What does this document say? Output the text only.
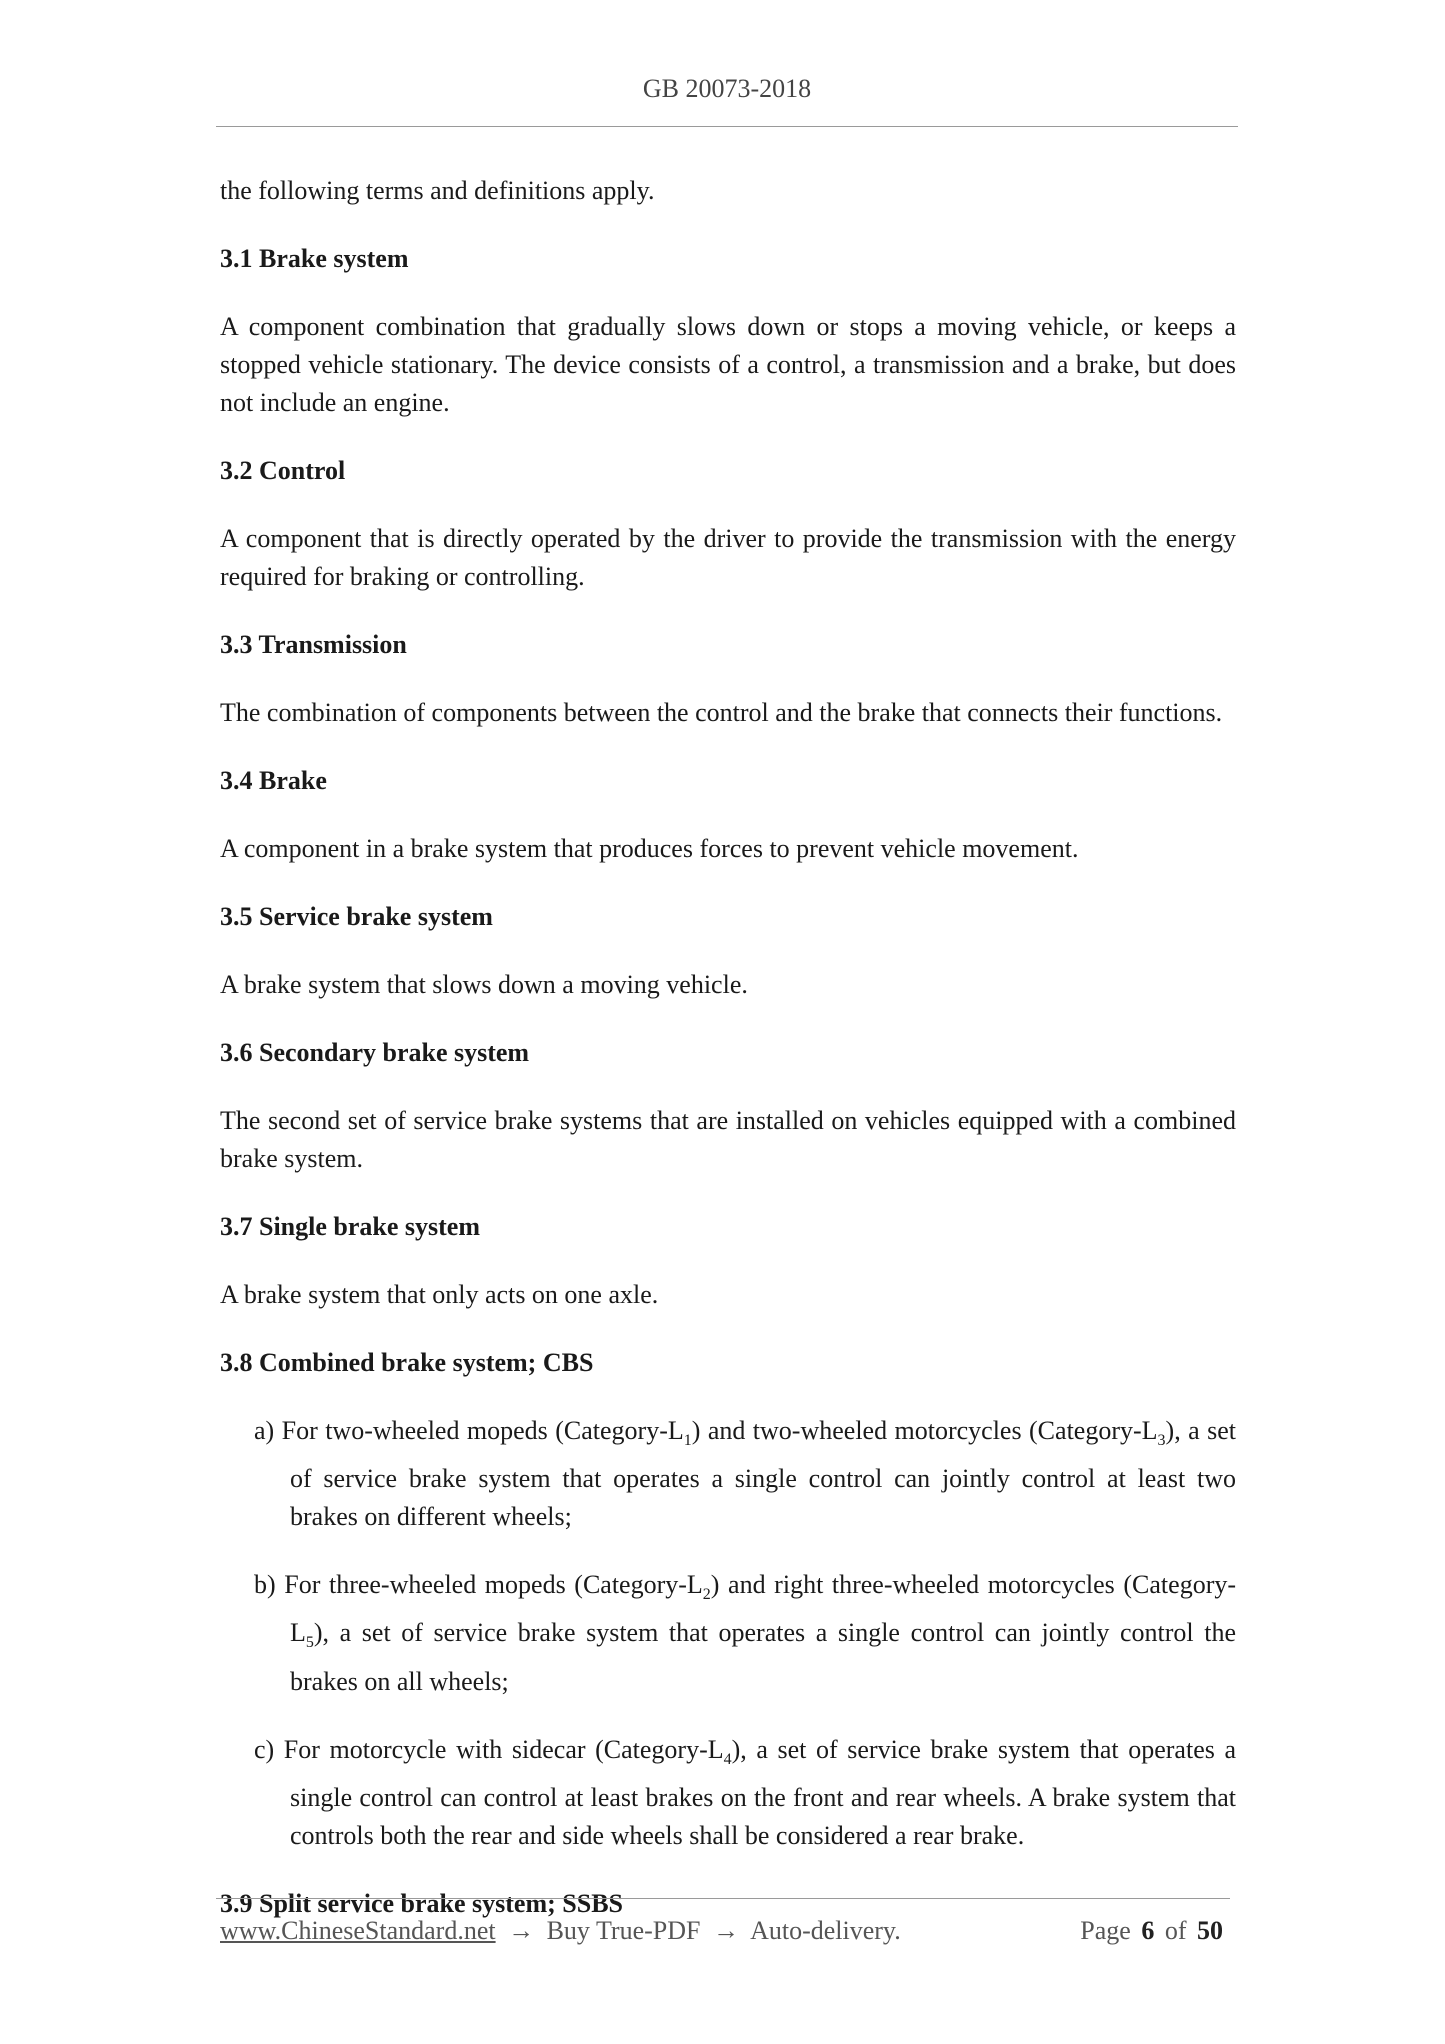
GB 20073-2018

the following terms and definitions apply.

3.1 Brake system

A component combination that gradually slows down or stops a moving vehicle, or keeps a stopped vehicle stationary. The device consists of a control, a transmission and a brake, but does not include an engine.

3.2 Control

A component that is directly operated by the driver to provide the transmission with the energy required for braking or controlling.

3.3 Transmission

The combination of components between the control and the brake that connects their functions.

3.4 Brake

A component in a brake system that produces forces to prevent vehicle movement.

3.5 Service brake system

A brake system that slows down a moving vehicle.

3.6 Secondary brake system

The second set of service brake systems that are installed on vehicles equipped with a combined brake system.

3.7 Single brake system

A brake system that only acts on one axle.

3.8 Combined brake system; CBS

a) For two-wheeled mopeds $(Category-L_1)$ and two-wheeled motorcycles $(Category-L_3)$, a set of service brake system that operates a single control can jointly control at least two brakes on different wheels;

b) For three-wheeled mopeds $(Category-L_2)$ and right three-wheeled motorcycles $(Category-L_5)$, a set of service brake system that operates a single control can jointly control the brakes on all wheels;

c) For motorcycle with sidecar $(Category-L_4)$, a set of service brake system that operates a single control can control at least brakes on the front and rear wheels. A brake system that controls both the rear and side wheels shall be considered a rear brake.

3.9 Split service brake system; SSBS

www.ChineseStandard.net → Buy True-PDF → Auto-delivery.	Page 6 of 50
